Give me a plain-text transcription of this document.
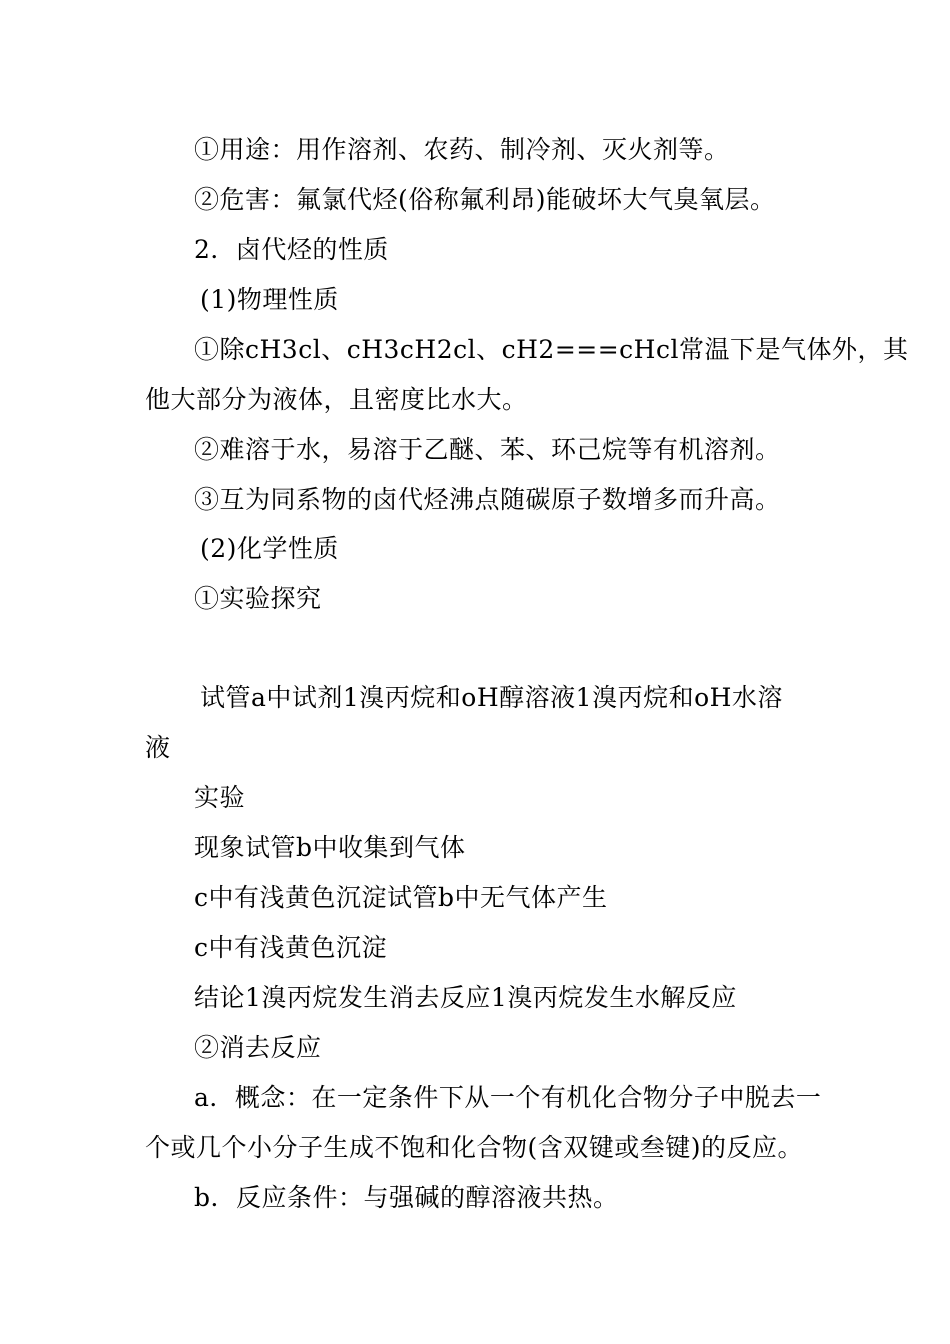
①用途：用作溶剂、农药、制冷剂、灭火剂等。
②危害：氟氯代烃(俗称氟利昂)能破坏大气臭氧层。
2．卤代烃的性质
(1)物理性质
①除cH3cl、cH3cH2cl、cH2===cHcl常温下是气体外，其
他大部分为液体，且密度比水大。
②难溶于水，易溶于乙醚、苯、环己烷等有机溶剂。
③互为同系物的卤代烃沸点随碳原子数增多而升高。
(2)化学性质
①实验探究
试管a中试剂1溴丙烷和oH醇溶液1溴丙烷和oH水溶
液
实验
现象试管b中收集到气体
c中有浅黄色沉淀试管b中无气体产生
c中有浅黄色沉淀
结论1溴丙烷发生消去反应1溴丙烷发生水解反应
②消去反应
a．概念：在一定条件下从一个有机化合物分子中脱去一
个或几个小分子生成不饱和化合物(含双键或叁键)的反应。
b．反应条件：与强碱的醇溶液共热。
